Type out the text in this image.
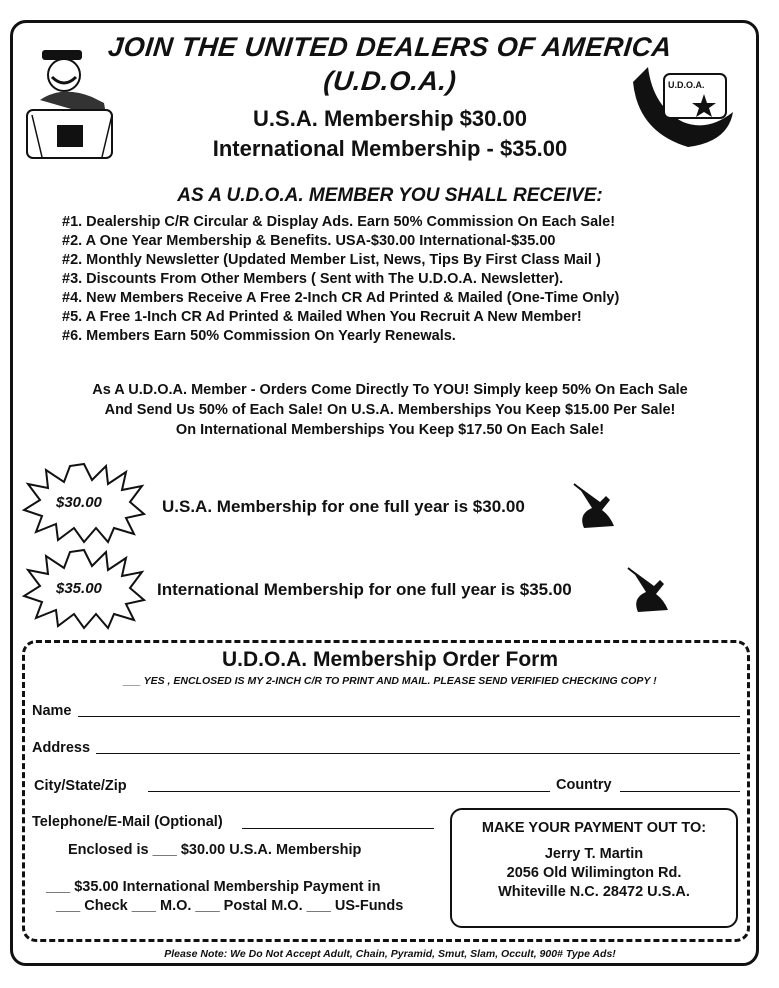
U.D.O.A.
JOIN THE UNITED DEALERS OF AMERICA
(U.D.O.A.)
U.S.A. Membership $30.00
International Membership - $35.00
AS A U.D.O.A. MEMBER YOU SHALL RECEIVE:
#1. Dealership C/R Circular & Display Ads. Earn 50% Commission On Each Sale!
#2. A One Year Membership & Benefits. USA-$30.00 International-$35.00
#2. Monthly Newsletter (Updated Member List, News, Tips By First Class Mail )
#3. Discounts From Other Members ( Sent with The U.D.O.A. Newsletter).
#4. New Members Receive A Free 2-Inch CR Ad Printed & Mailed (One-Time Only)
#5. A Free 1-Inch CR Ad Printed & Mailed When You Recruit A New Member!
#6. Members Earn 50% Commission On Yearly Renewals.
As A U.D.O.A. Member - Orders Come Directly To YOU! Simply keep 50% On Each Sale
And Send Us 50% of Each Sale! On U.S.A. Memberships You Keep $15.00 Per Sale!
On International Memberships You Keep $17.50 On Each Sale!
$30.00	U.S.A. Membership for one full year is $30.00
$35.00	International Membership for one full year is $35.00
U.D.O.A. Membership Order Form
___ YES , ENCLOSED IS MY 2-INCH C/R TO PRINT AND MAIL. PLEASE SEND VERIFIED CHECKING COPY !
Name
Address
City/State/Zip	Country
Telephone/E-Mail (Optional)
Enclosed is ___ $30.00 U.S.A. Membership
___ $35.00 International Membership Payment in
___ Check ___ M.O. ___ Postal M.O. ___ US-Funds
MAKE YOUR PAYMENT OUT TO:
Jerry T. Martin
2056 Old Wilimington Rd.
Whiteville N.C. 28472 U.S.A.
Please Note: We Do Not Accept Adult, Chain, Pyramid, Smut, Slam, Occult, 900# Type Ads!
